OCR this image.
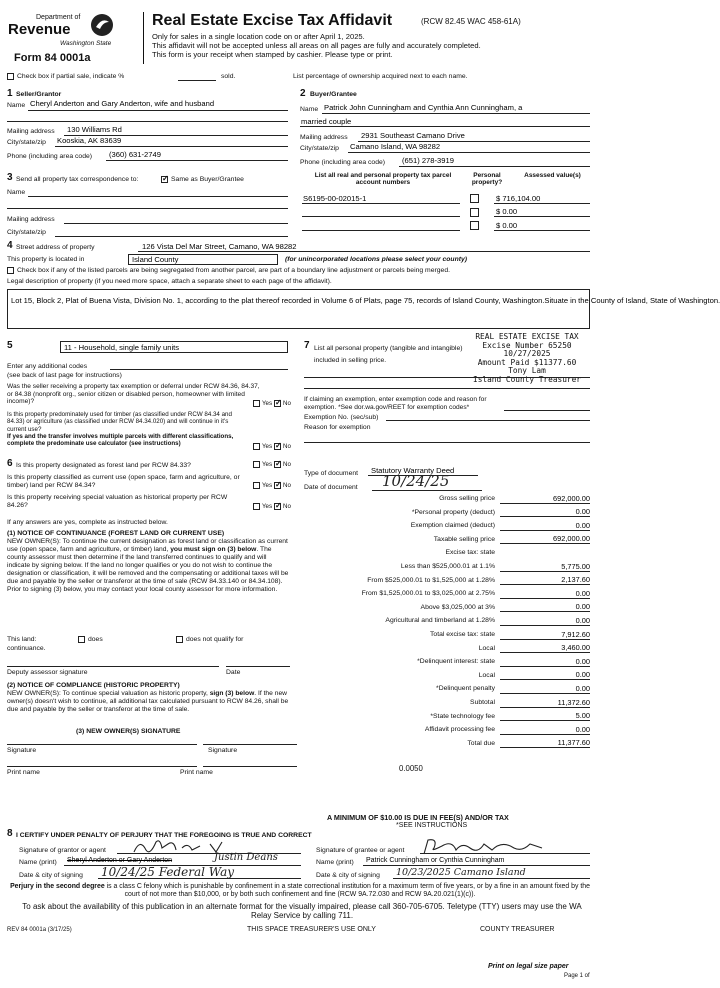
Department of
Revenue
Washington State
Form 84 0001a
Real Estate Excise Tax Affidavit	(RCW 82.45 WAC 458-61A)
Only for sales in a single location code on or after April 1, 2025.
This affidavit will not be accepted unless all areas on all pages are fully and accurately completed.
This form is your receipt when stamped by cashier. Please type or print.
Check box if partial sale, indicate %	sold.	List percentage of ownership acquired next to each name.
1 Seller/Grantor
Name Cheryl Anderton and Gary Anderton, wife and husband
Mailing address 130 Williams Rd
City/state/zip Kooskia, AK 83639
Phone (including area code) (360) 631-2749
2 Buyer/Grantee
Name Patrick John Cunningham and Cynthia Ann Cunningham, a
married couple
Mailing address 2931 Southeast Camano Drive
City/state/zip Camano Island, WA 98282
Phone (including area code) (651) 278-3919
3 Send all property tax correspondence to: ✓	Same as Buyer/Grantee
Name
Mailing address
City/state/zip
List all real and personal property tax parcel account numbers
Personal property?
Assessed value(s)
S6195-00-02015-1	$ 716,104.00
$ 0.00
$ 0.00
4 Street address of property	126 Vista Del Mar Street, Camano, WA 98282
This property is located in	Island County	(for unincorporated locations please select your county)
Check box if any of the listed parcels are being segregated from another parcel, are part of a boundary line adjustment or parcels being merged.
Legal description of property (if you need more space, attach a separate sheet to each page of the affidavit).
Lot 15, Block 2, Plat of Buena Vista, Division No. 1, according to the plat thereof recorded in Volume 6 of Plats, page 75, records of Island County, Washington.Situate in the County of Island, State of Washington.
REAL ESTATE EXCISE TAX
Excise Number 65250
10/27/2025
Amount Paid $11377.60
Tony Lam
Island County Treasurer
5	11 - Household, single family units
Enter any additional codes
(see back of last page for instructions)
Was the seller receiving a property tax exemption or deferral under RCW 84.36, 84.37, or 84.38 (nonprofit org., senior citizen or disabled person, homeowner with limited income)?	Yes ✓ No
Is this property predominately used for timber (as classified under RCW 84.34 and 84.33) or agriculture (as classified under RCW 84.34.020) and will continue in it's current use?
If yes and the transfer involves multiple parcels with different classifications, complete the predominate use calculator (see instructions)	Yes ✓ No
7 List all personal property (tangible and intangible) included in selling price.
If claiming an exemption, enter exemption code and reason for exemption. *See dor.wa.gov/REET for exemption codes*
Exemption No. (sec/sub)
Reason for exemption
6 Is this property designated as forest land per RCW 84.33?	Yes ✓ No
Is this property classified as current use (open space, farm and agriculture, or timber) land per RCW 84.34?	Yes ✓ No
Is this property receiving special valuation as historical property per RCW 84.26?	Yes ✓ No
If any answers are yes, complete as instructed below.
(1) NOTICE OF CONTINUANCE (FOREST LAND OR CURRENT USE)
NEW OWNER(S): To continue the current designation as forest land or classification as current use (open space, farm and agriculture, or timber) land, you must sign on (3) below. The county assessor must then determine if the land transferred continues to qualify and will indicate by signing below. If the land no longer qualifies or you do not wish to continue the designation or classification, it will be removed and the compensating or additional taxes will be due and payable by the seller or transferor at the time of sale (RCW 84.33.140 or 84.34.108). Prior to signing (3) below, you may contact your local county assessor for more information.
This land:	does	does not qualify for
continuance.
Deputy assessor signature	Date
(2) NOTICE OF COMPLIANCE (HISTORIC PROPERTY)
NEW OWNER(S): To continue special valuation as historic property, sign (3) below. If the new owner(s) doesn't wish to continue, all additional tax calculated pursuant to RCW 84.26, shall be due and payable by the seller or transferor at the time of sale.
(3) NEW OWNER(S) SIGNATURE
Signature	Signature
Print name	Print name
Type of document Statutory Warranty Deed
Date of document 10/24/25
Gross selling price	692,000.00
*Personal property (deduct)	0.00
Exemption claimed (deduct)	0.00
Taxable selling price	692,000.00
Excise tax: state
Less than $525,000.01 at 1.1%	5,775.00
From $525,000.01 to $1,525,000 at 1.28%	2,137.60
From $1,525,000.01 to $3,025,000 at 2.75%	0.00
Above $3,025,000 at 3%	0.00
Agricultural and timberland at 1.28%	0.00
Total excise tax: state	7,912.60
Local	3,460.00
*Delinquent interest: state	0.00
Local	0.00
*Delinquent penalty	0.00
Subtotal	11,372.60
*State technology fee	5.00
Affidavit processing fee	0.00
Total due	11,377.60
0.0050
A MINIMUM OF $10.00 IS DUE IN FEE(S) AND/OR TAX
*SEE INSTRUCTIONS
8 I CERTIFY UNDER PENALTY OF PERJURY THAT THE FOREGOING IS TRUE AND CORRECT
Signature of grantor or agent	Signature of grantee or agent
Name (print) Sheryl Anderton or Gary Anderton	Justin Deans	Name (print) Patrick Cunningham or Cynthia Cunningham
Date & city of signing 10/24/25 Federal Way	Date & city of signing 10/23/2025 Camano Island
Perjury in the second degree is a class C felony which is punishable by confinement in a state correctional institution for a maximum term of five years, or by a fine in an amount fixed by the court of not more than $10,000, or by both such confinement and fine (RCW 9A.72.030 and RCW 9A.20.021(1)(c)).
To ask about the availability of this publication in an alternate format for the visually impaired, please call 360-705-6705. Teletype (TTY) users may use the WA Relay Service by calling 711.
REV 84 0001a (3/17/25)	THIS SPACE TREASURER'S USE ONLY	COUNTY TREASURER
Print on legal size paper
Page 1 of
